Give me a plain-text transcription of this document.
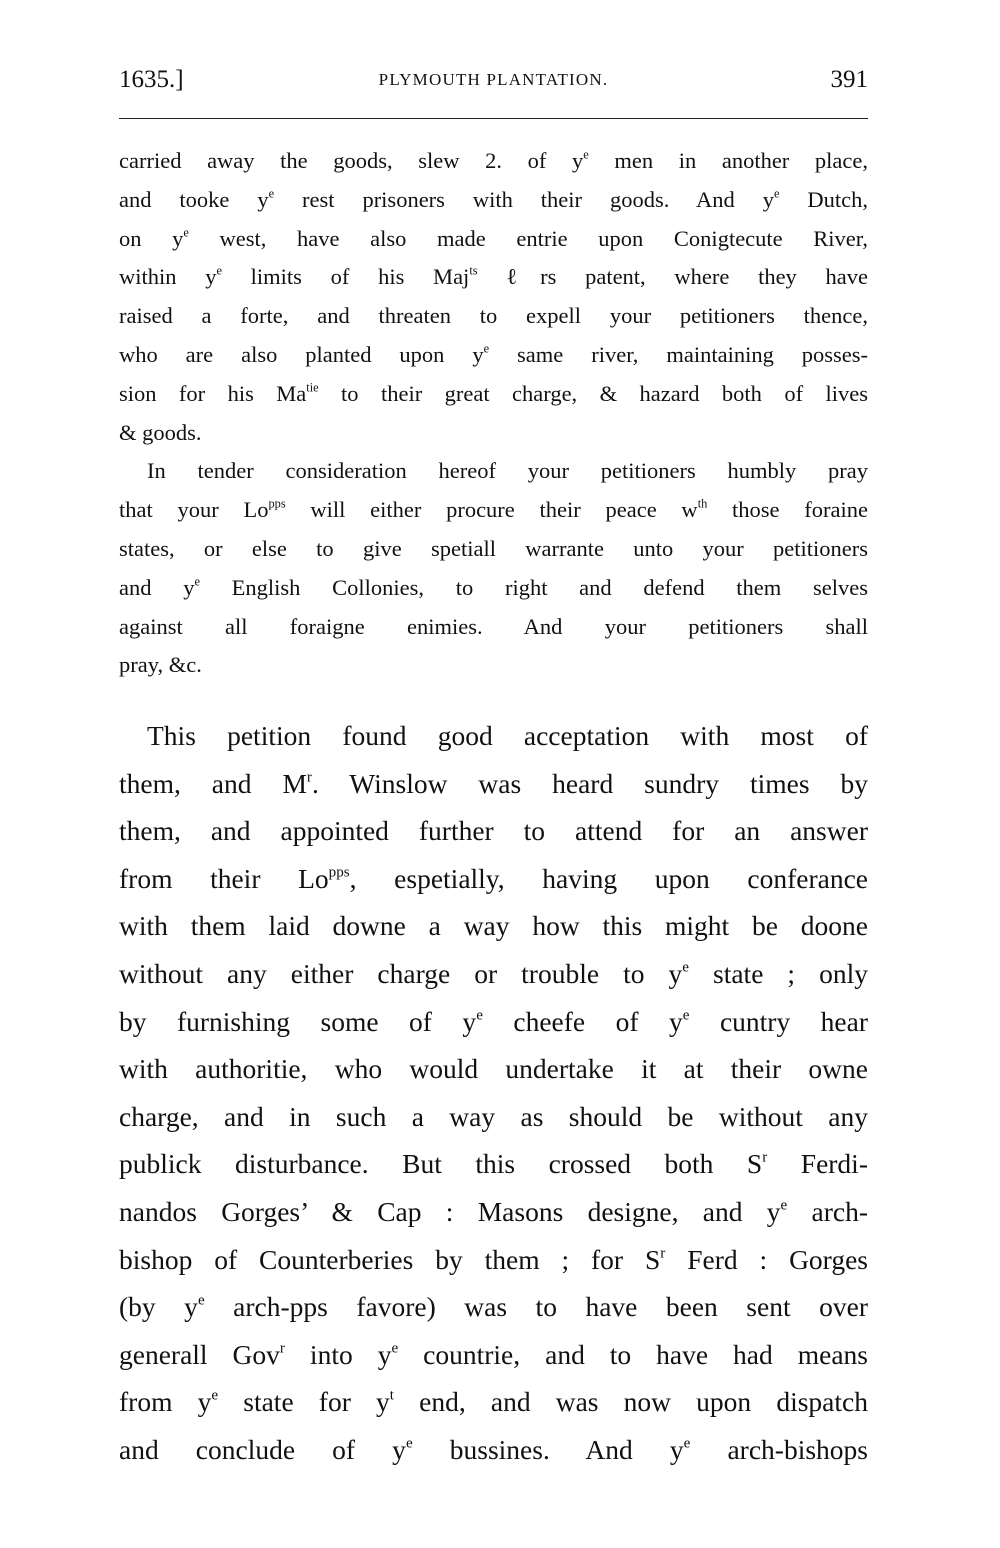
1635.]	PLYMOUTH PLANTATION.	391
carried away the goods, slew 2. of $y^e$ men in another place,
and tooke $y^e$ rest prisoners with their goods. And $y^e$ Dutch,
on $y^e$ west, have also made entrie upon Conigtecute River,
within $y^e$ limits of his Maj$^{ts}$ ℓrs patent, where they have
raised a forte, and threaten to expell your petitioners thence,
who are also planted upon $y^e$ same river, maintaining posses-
sion for his $Ma^{tie}$ to their great charge, & hazard both of lives
& goods.
In tender consideration hereof your petitioners humbly pray
that your $Lo^{pps}$ will either procure their peace $w^{th}$ those foraine
states, or else to give spetiall warrante unto your petitioners
and $y^e$ English Collonies, to right and defend them selves
against all foraigne enimies. And your petitioners shall
pray, &c.
This petition found good acceptation with most of
them, and $M^r$. Winslow was heard sundry times by
them, and appointed further to attend for an answer
from their $Lo^{pps}$, espetially, having upon conferance
with them laid downe a way how this might be doone
without any either charge or trouble to $y^e$ state ; only
by furnishing some of $y^e$ cheefe of $y^e$ cuntry hear
with authoritie, who would undertake it at their owne
charge, and in such a way as should be without any
publick disturbance. But this crossed both $S^r$ Ferdi-
nandos Gorges’ & Cap : Masons designe, and $y^e$ arch-
bishop of Counterberies by them ; for $S^r$ Ferd : Gorges
(by $y^e$ arch-pps favore) was to have been sent over
generall Gov$^r$ into $y^e$ countrie, and to have had means
from $y^e$ state for $y^t$ end, and was now upon dispatch
and conclude of $y^e$ bussines. And $y^e$ arch-bishops
